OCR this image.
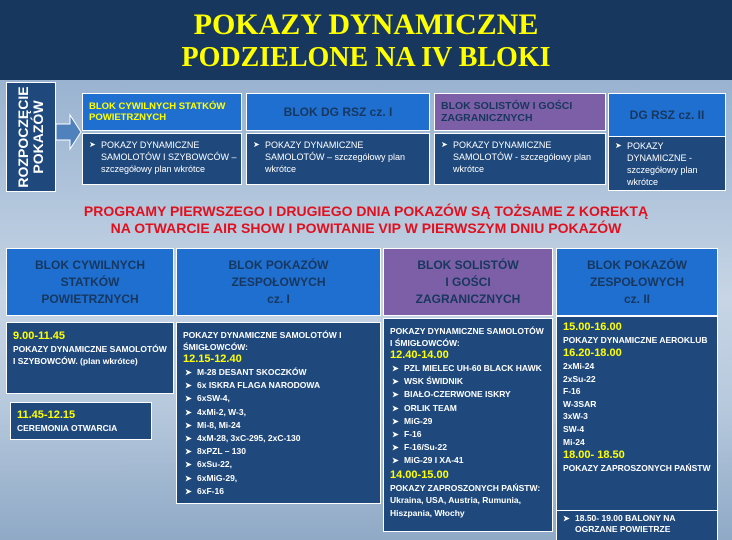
POKAZY DYNAMICZNE
PODZIELONE NA IV BLOKI
ROZPOCZĘCIE POKAZÓW	BLOK CYWILNYCH STATKÓW POWIETRZNYCH
➤ POKAZY DYNAMICZNE SAMOLOTÓW I SZYBOWCÓW – szczegółowy plan wkrótce
BLOK DG RSZ cz. I
➤ POKAZY DYNAMICZNE SAMOLOTÓW – szczegółowy plan wkrótce
BLOK SOLISTÓW I GOŚCI ZAGRANICZNYCH
➤ POKAZY DYNAMICZNE SAMOLOTÓW - szczegółowy plan wkrótce
DG RSZ cz. II
➤ POKAZY DYNAMICZNE - szczegółowy plan wkrótce
PROGRAMY PIERWSZEGO I DRUGIEGO DNIA POKAZÓW SĄ TOŻSAME Z KOREKTĄ
NA OTWARCIE AIR SHOW I POWITANIE VIP W PIERWSZYM DNIU POKAZÓW
BLOK CYWILNYCH
STATKÓW
POWIETRZNYCH
9.00-11.45
POKAZY DYNAMICZNE SAMOLOTÓW I SZYBOWCÓW. (plan wkrótce)
11.45-12.15
CEREMONIA OTWARCIA
BLOK POKAZÓW
ZESPOŁOWYCH
cz. I
POKAZY DYNAMICZNE SAMOLOTÓW I ŚMIGŁOWCÓW:
12.15-12.40
➤ M-28 DESANT SKOCZKÓW
➤ 6x ISKRA FLAGA NARODOWA
➤ 6xSW-4,
➤ 4xMi-2, W-3,
➤ Mi-8, Mi-24
➤ 4xM-28, 3xC-295, 2xC-130
➤ 8xPZL – 130
➤ 6xSu-22,
➤ 6xMiG-29,
➤ 6xF-16
BLOK SOLISTÓW
I GOŚCI
ZAGRANICZNYCH
POKAZY DYNAMICZNE SAMOLOTÓW I ŚMIGŁOWCÓW:
12.40-14.00
➤ PZL MIELEC UH-60 BLACK HAWK
➤ WSK ŚWIDNIK
➤ BIAŁO-CZERWONE ISKRY
➤ ORLIK TEAM
➤ MiG-29
➤ F-16
➤ F-16/Su-22
➤ MiG-29 I XA-41
14.00-15.00
POKAZY ZAPROSZONYCH PAŃSTW:
Ukraina, USA, Austria, Rumunia, Hiszpania, Włochy
BLOK POKAZÓW
ZESPOŁOWYCH
cz. II
15.00-16.00
POKAZY DYNAMICZNE AEROKLUB
16.20-18.00
2xMi-24
2xSu-22
F-16
W-3SAR
3xW-3
SW-4
Mi-24
18.00- 18.50
POKAZY ZAPROSZONYCH PAŃSTW
➤ 18.50- 19.00 BALONY NA OGRZANE POWIETRZE
